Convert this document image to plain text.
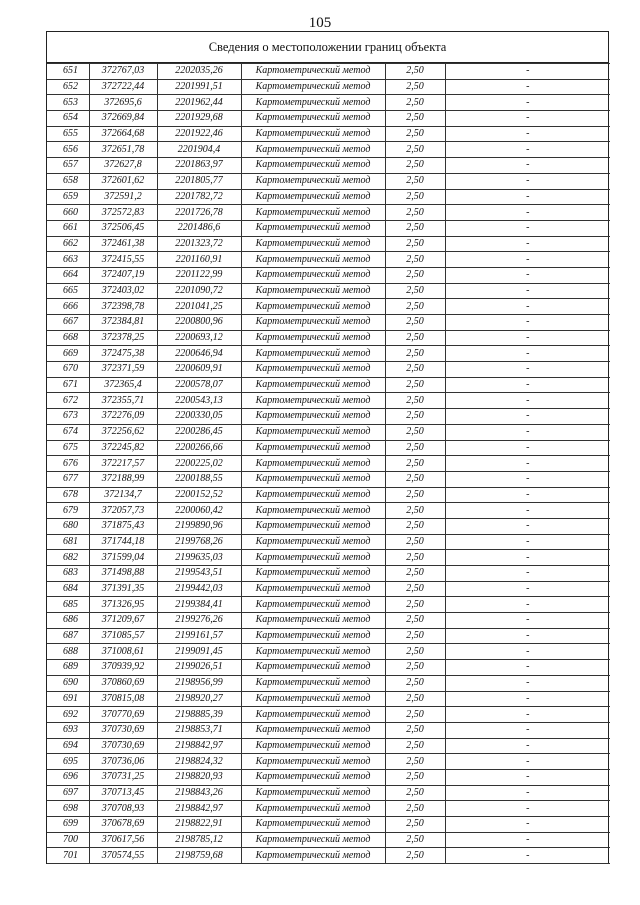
105
Сведения о местоположении границ объекта
651	372767,03	2202035,26	Картометрический метод	2,50	-
652	372722,44	2201991,51	Картометрический метод	2,50	-
653	372695,6	2201962,44	Картометрический метод	2,50	-
654	372669,84	2201929,68	Картометрический метод	2,50	-
655	372664,68	2201922,46	Картометрический метод	2,50	-
656	372651,78	2201904,4	Картометрический метод	2,50	-
657	372627,8	2201863,97	Картометрический метод	2,50	-
658	372601,62	2201805,77	Картометрический метод	2,50	-
659	372591,2	2201782,72	Картометрический метод	2,50	-
660	372572,83	2201726,78	Картометрический метод	2,50	-
661	372506,45	2201486,6	Картометрический метод	2,50	-
662	372461,38	2201323,72	Картометрический метод	2,50	-
663	372415,55	2201160,91	Картометрический метод	2,50	-
664	372407,19	2201122,99	Картометрический метод	2,50	-
665	372403,02	2201090,72	Картометрический метод	2,50	-
666	372398,78	2201041,25	Картометрический метод	2,50	-
667	372384,81	2200800,96	Картометрический метод	2,50	-
668	372378,25	2200693,12	Картометрический метод	2,50	-
669	372475,38	2200646,94	Картометрический метод	2,50	-
670	372371,59	2200609,91	Картометрический метод	2,50	-
671	372365,4	2200578,07	Картометрический метод	2,50	-
672	372355,71	2200543,13	Картометрический метод	2,50	-
673	372276,09	2200330,05	Картометрический метод	2,50	-
674	372256,62	2200286,45	Картометрический метод	2,50	-
675	372245,82	2200266,66	Картометрический метод	2,50	-
676	372217,57	2200225,02	Картометрический метод	2,50	-
677	372188,99	2200188,55	Картометрический метод	2,50	-
678	372134,7	2200152,52	Картометрический метод	2,50	-
679	372057,73	2200060,42	Картометрический метод	2,50	-
680	371875,43	2199890,96	Картометрический метод	2,50	-
681	371744,18	2199768,26	Картометрический метод	2,50	-
682	371599,04	2199635,03	Картометрический метод	2,50	-
683	371498,88	2199543,51	Картометрический метод	2,50	-
684	371391,35	2199442,03	Картометрический метод	2,50	-
685	371326,95	2199384,41	Картометрический метод	2,50	-
686	371209,67	2199276,26	Картометрический метод	2,50	-
687	371085,57	2199161,57	Картометрический метод	2,50	-
688	371008,61	2199091,45	Картометрический метод	2,50	-
689	370939,92	2199026,51	Картометрический метод	2,50	-
690	370860,69	2198956,99	Картометрический метод	2,50	-
691	370815,08	2198920,27	Картометрический метод	2,50	-
692	370770,69	2198885,39	Картометрический метод	2,50	-
693	370730,69	2198853,71	Картометрический метод	2,50	-
694	370730,69	2198842,97	Картометрический метод	2,50	-
695	370736,06	2198824,32	Картометрический метод	2,50	-
696	370731,25	2198820,93	Картометрический метод	2,50	-
697	370713,45	2198843,26	Картометрический метод	2,50	-
698	370708,93	2198842,97	Картометрический метод	2,50	-
699	370678,69	2198822,91	Картометрический метод	2,50	-
700	370617,56	2198785,12	Картометрический метод	2,50	-
701	370574,55	2198759,68	Картометрический метод	2,50	-
